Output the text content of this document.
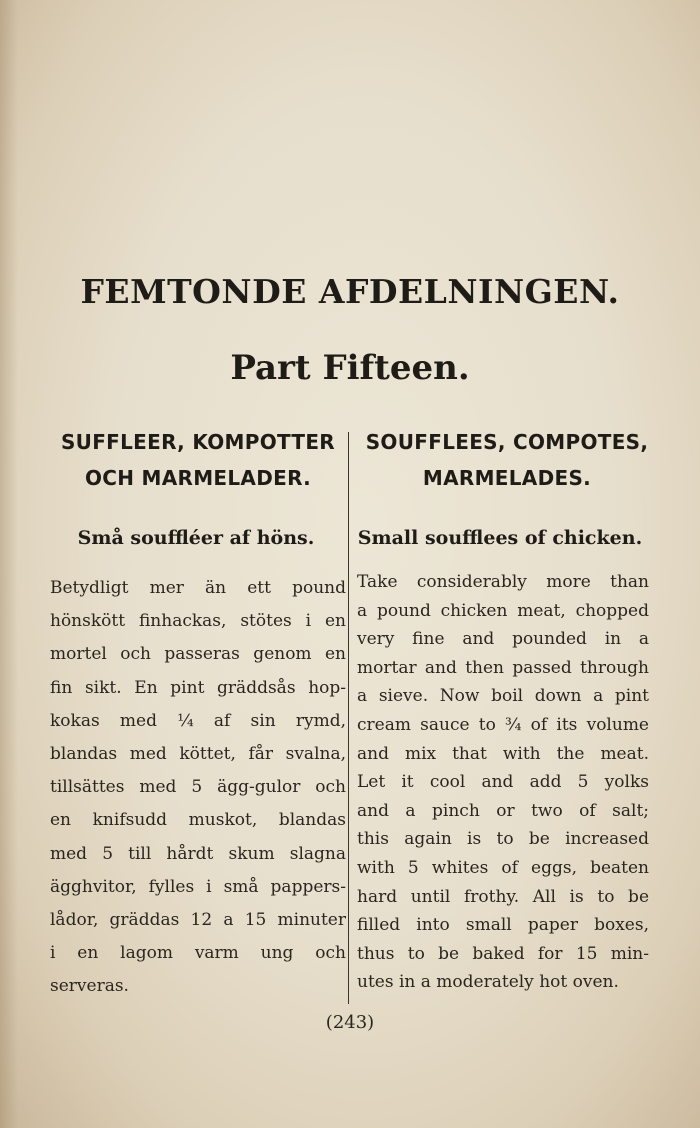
FEMTONDE AFDELNINGEN.
Part Fifteen.

SUFFLEER, KOMPOTTER

OCH MARMELADER.

SOUFFLEES, COMPOTES,

MARMELADES.

Små souffléer af höns.	Small soufflees of chicken.
Betydligt mer än ett pound
hönskött finhackas, stötes i en
mortel och passeras genom en
fin sikt. En pint gräddsås hop-
kokas med ¼ af sin rymd,
blandas med köttet, får svalna,
tillsättes med 5 ägg-gulor och
en knifsudd muskot, blandas
med 5 till hårdt skum slagna
ägghvitor, fylles i små pappers-
lådor, gräddas 12 a 15 minuter
i en lagom varm ung och
serveras.
Take considerably more than
a pound chicken meat, chopped
very fine and pounded in a
mortar and then passed through
a sieve. Now boil down a pint
cream sauce to ¾ of its volume
and mix that with the meat.
Let it cool and add 5 yolks
and a pinch or two of salt;
this again is to be increased
with 5 whites of eggs, beaten
hard until frothy. All is to be
filled into small paper boxes,
thus to be baked for 15 min-
utes in a moderately hot oven.
(243)
